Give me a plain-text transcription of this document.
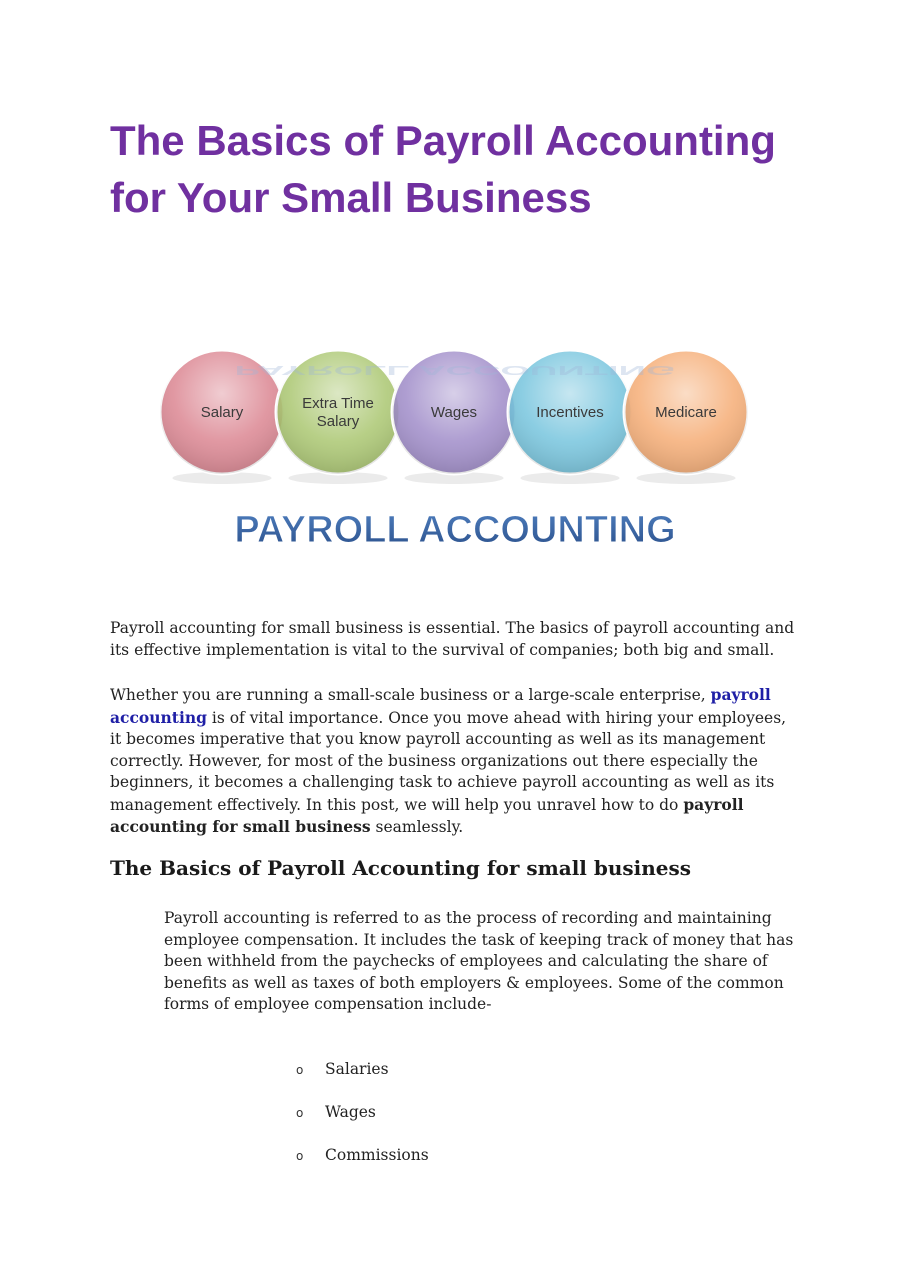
The Basics of Payroll Accounting for Your Small Business
Salary
Extra Time
Salary
Wages	Incentives	Medicare
PAYROLL ACCOUNTING
PAYROLL ACCOUNTING

Payroll accounting for small business is essential. The basics of payroll accounting and its effective implementation is vital to the survival of companies; both big and small.

Whether you are running a small-scale business or a large-scale enterprise, payroll accounting is of vital importance. Once you move ahead with hiring your employees, it becomes imperative that you know payroll accounting as well as its management correctly. However, for most of the business organizations out there especially the beginners, it becomes a challenging task to achieve payroll accounting as well as its management effectively. In this post, we will help you unravel how to do payroll accounting for small business seamlessly.

The Basics of Payroll Accounting for small business

Payroll accounting is referred to as the process of recording and maintaining employee compensation. It includes the task of keeping track of money that has been withheld from the paychecks of employees and calculating the share of benefits as well as taxes of both employers & employees. Some of the common forms of employee compensation include-

o Salaries
o Wages
o Commissions
